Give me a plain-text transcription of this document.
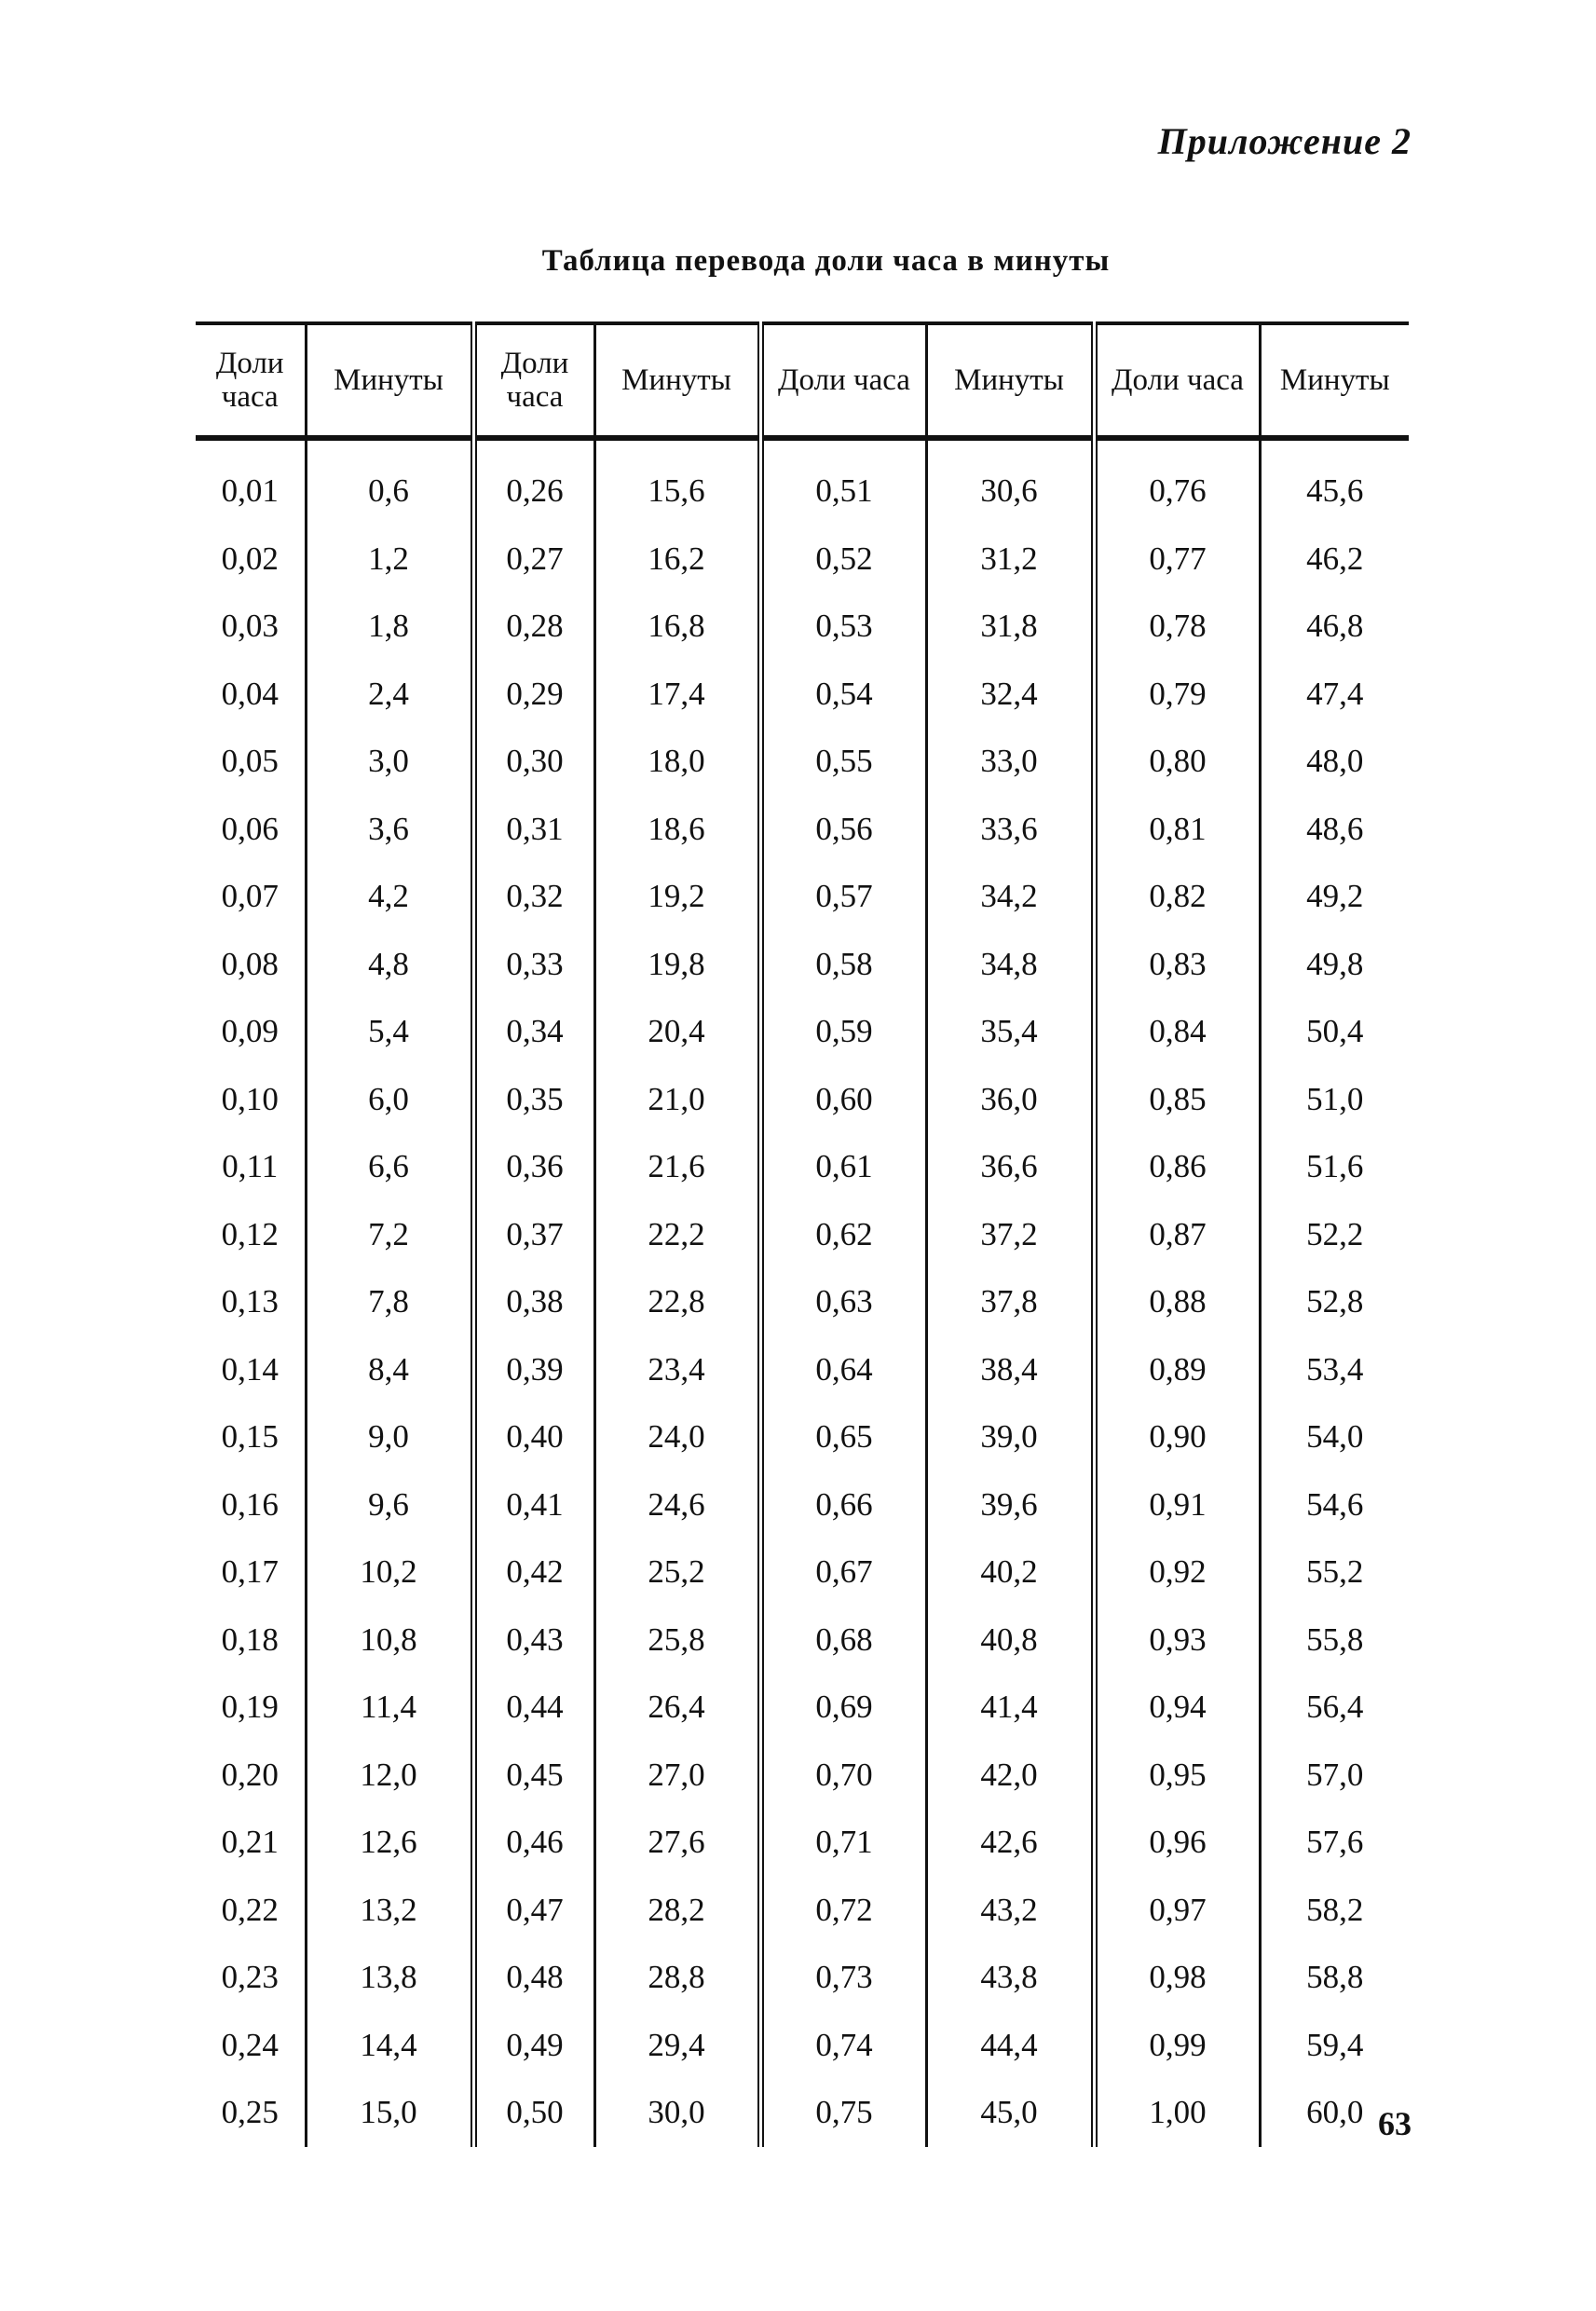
Приложение 2
Таблица перевода доли часа в минуты
Доли часа	Минуты	Доли часа	Минуты	Доли часа	Минуты	Доли часа	Минуты
0,01	0,6	0,26	15,6	0,51	30,6	0,76	45,6
0,02	1,2	0,27	16,2	0,52	31,2	0,77	46,2
0,03	1,8	0,28	16,8	0,53	31,8	0,78	46,8
0,04	2,4	0,29	17,4	0,54	32,4	0,79	47,4
0,05	3,0	0,30	18,0	0,55	33,0	0,80	48,0
0,06	3,6	0,31	18,6	0,56	33,6	0,81	48,6
0,07	4,2	0,32	19,2	0,57	34,2	0,82	49,2
0,08	4,8	0,33	19,8	0,58	34,8	0,83	49,8
0,09	5,4	0,34	20,4	0,59	35,4	0,84	50,4
0,10	6,0	0,35	21,0	0,60	36,0	0,85	51,0
0,11	6,6	0,36	21,6	0,61	36,6	0,86	51,6
0,12	7,2	0,37	22,2	0,62	37,2	0,87	52,2
0,13	7,8	0,38	22,8	0,63	37,8	0,88	52,8
0,14	8,4	0,39	23,4	0,64	38,4	0,89	53,4
0,15	9,0	0,40	24,0	0,65	39,0	0,90	54,0
0,16	9,6	0,41	24,6	0,66	39,6	0,91	54,6
0,17	10,2	0,42	25,2	0,67	40,2	0,92	55,2
0,18	10,8	0,43	25,8	0,68	40,8	0,93	55,8
0,19	11,4	0,44	26,4	0,69	41,4	0,94	56,4
0,20	12,0	0,45	27,0	0,70	42,0	0,95	57,0
0,21	12,6	0,46	27,6	0,71	42,6	0,96	57,6
0,22	13,2	0,47	28,2	0,72	43,2	0,97	58,2
0,23	13,8	0,48	28,8	0,73	43,8	0,98	58,8
0,24	14,4	0,49	29,4	0,74	44,4	0,99	59,4
0,25	15,0	0,50	30,0	0,75	45,0	1,00	60,0 63
